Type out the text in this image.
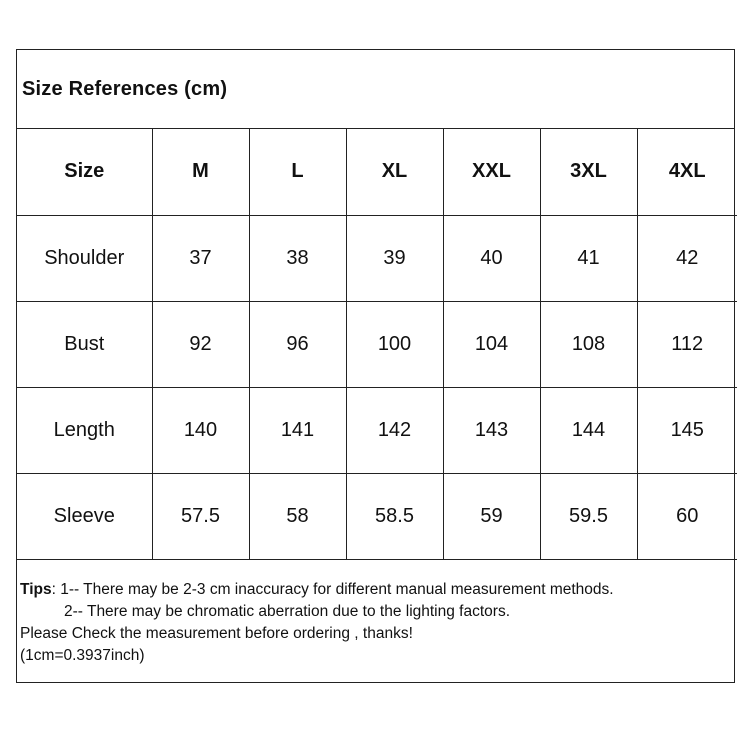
Size References (cm)
Size	M	L	XL	XXL	3XL	4XL
Shoulder	37	38	39	40	41	42
Bust	92	96	100	104	108	112
Length	140	141	142	143	144	145
Sleeve	57.5	58	58.5	59	59.5	60
Tips: 1-- There may be 2-3 cm inaccuracy for different manual measurement methods.
2-- There may be chromatic aberration due to the lighting factors.
Please Check the measurement before ordering , thanks!
(1cm=0.3937inch)
